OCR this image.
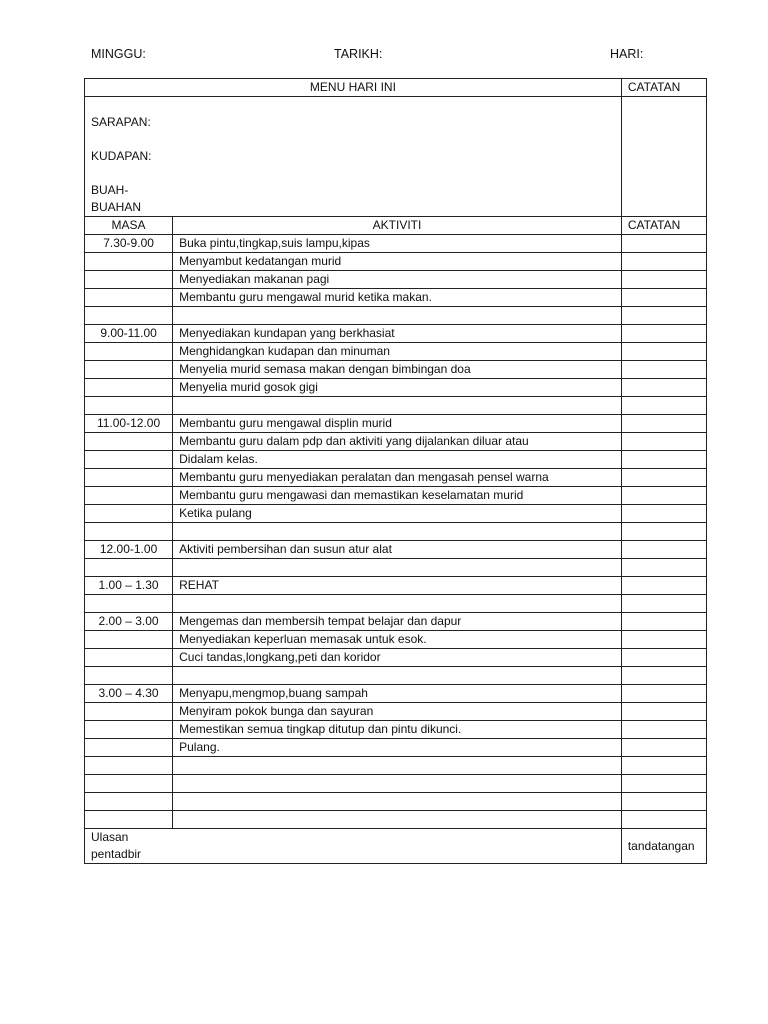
MINGGU:	TARIKH:	HARI:
MENU HARI INI		CATATAN

SARAPAN:
KUDAPAN:
BUAH-
BUAHAN		

MASA	AKTIVITI	CATATAN
7.30-9.00	Buka pintu,tingkap,suis lampu,kipas	
	Menyambut kedatangan murid	
	Menyediakan makanan pagi	
	Membantu guru mengawal murid ketika makan.	

9.00-11.00	Menyediakan kundapan yang berkhasiat	
	Menghidangkan kudapan dan minuman	
	Menyelia murid semasa makan dengan bimbingan doa	
	Menyelia murid gosok gigi	

11.00-12.00	Membantu guru mengawal displin murid	
	Membantu guru dalam pdp dan aktiviti yang dijalankan diluar atau	
	Didalam kelas.	
	Membantu guru menyediakan peralatan dan mengasah pensel warna	
	Membantu guru mengawasi dan memastikan keselamatan murid	
	Ketika pulang	

12.00-1.00	Aktiviti pembersihan dan susun atur alat	

1.00 – 1.30	REHAT	

2.00 – 3.00	Mengemas dan membersih tempat belajar dan dapur	
	Menyediakan keperluan memasak untuk esok.	
	Cuci tandas,longkang,peti dan koridor	

3.00 – 4.30	Menyapu,mengmop,buang sampah	
	Menyiram pokok bunga dan sayuran	
	Memestikan semua tingkap ditutup dan pintu dikunci.	
	Pulang.	

Ulasan
pentadbir		tandatangan
